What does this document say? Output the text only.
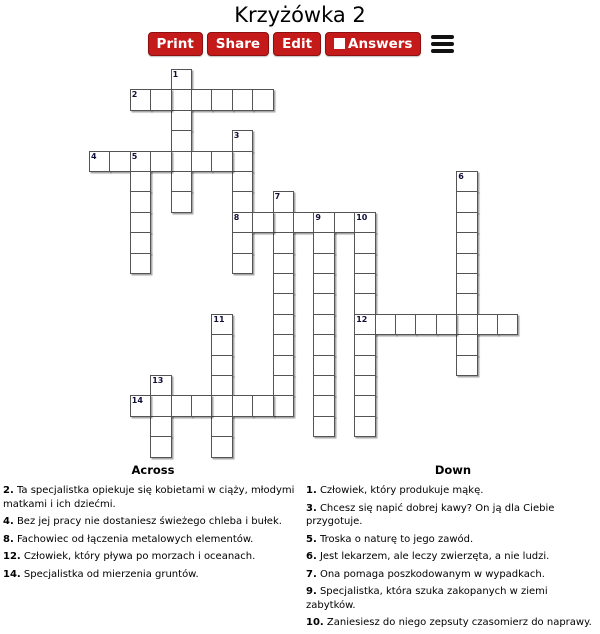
Krzyżówka 2
Print	Share	Edit	Answers
1
2
3
8
4	5
6
7
9	10
12
11
13
14
Across

2. Ta specjalistka opiekuje się kobietami w ciąży, młodymi matkami i ich dziećmi.

4. Bez jej pracy nie dostaniesz świeżego chleba i bułek.

8. Fachowiec od łączenia metalowych elementów.

12. Człowiek, który pływa po morzach i oceanach.

14. Specjalistka od mierzenia gruntów.

Down

1. Człowiek, który produkuje mąkę.

3. Chcesz się napić dobrej kawy? On ją dla Ciebie przygotuje.

5. Troska o naturę to jego zawód.

6. Jest lekarzem, ale leczy zwierzęta, a nie ludzi.

7. Ona pomaga poszkodowanym w wypadkach.

9. Specjalistka, która szuka zakopanych w ziemi zabytków.

10. Zaniesiesz do niego zepsuty czasomierz do naprawy.
